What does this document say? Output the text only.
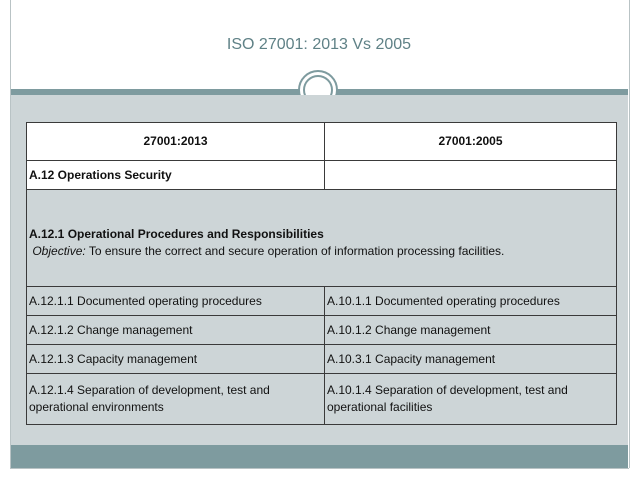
ISO 27001: 2013 Vs 2005
27001:2013	27001:2005
A.12 Operations Security	

A.12.1 Operational Procedures and Responsibilities
Objective: To ensure the correct and secure operation of information processing facilities.	

A.12.1.1 Documented operating procedures	A.10.1.1 Documented operating procedures
A.12.1.2 Change management	A.10.1.2 Change management
A.12.1.3 Capacity management	A.10.3.1 Capacity management
A.12.1.4 Separation of development, test and operational environments	A.10.1.4 Separation of development, test and operational facilities
